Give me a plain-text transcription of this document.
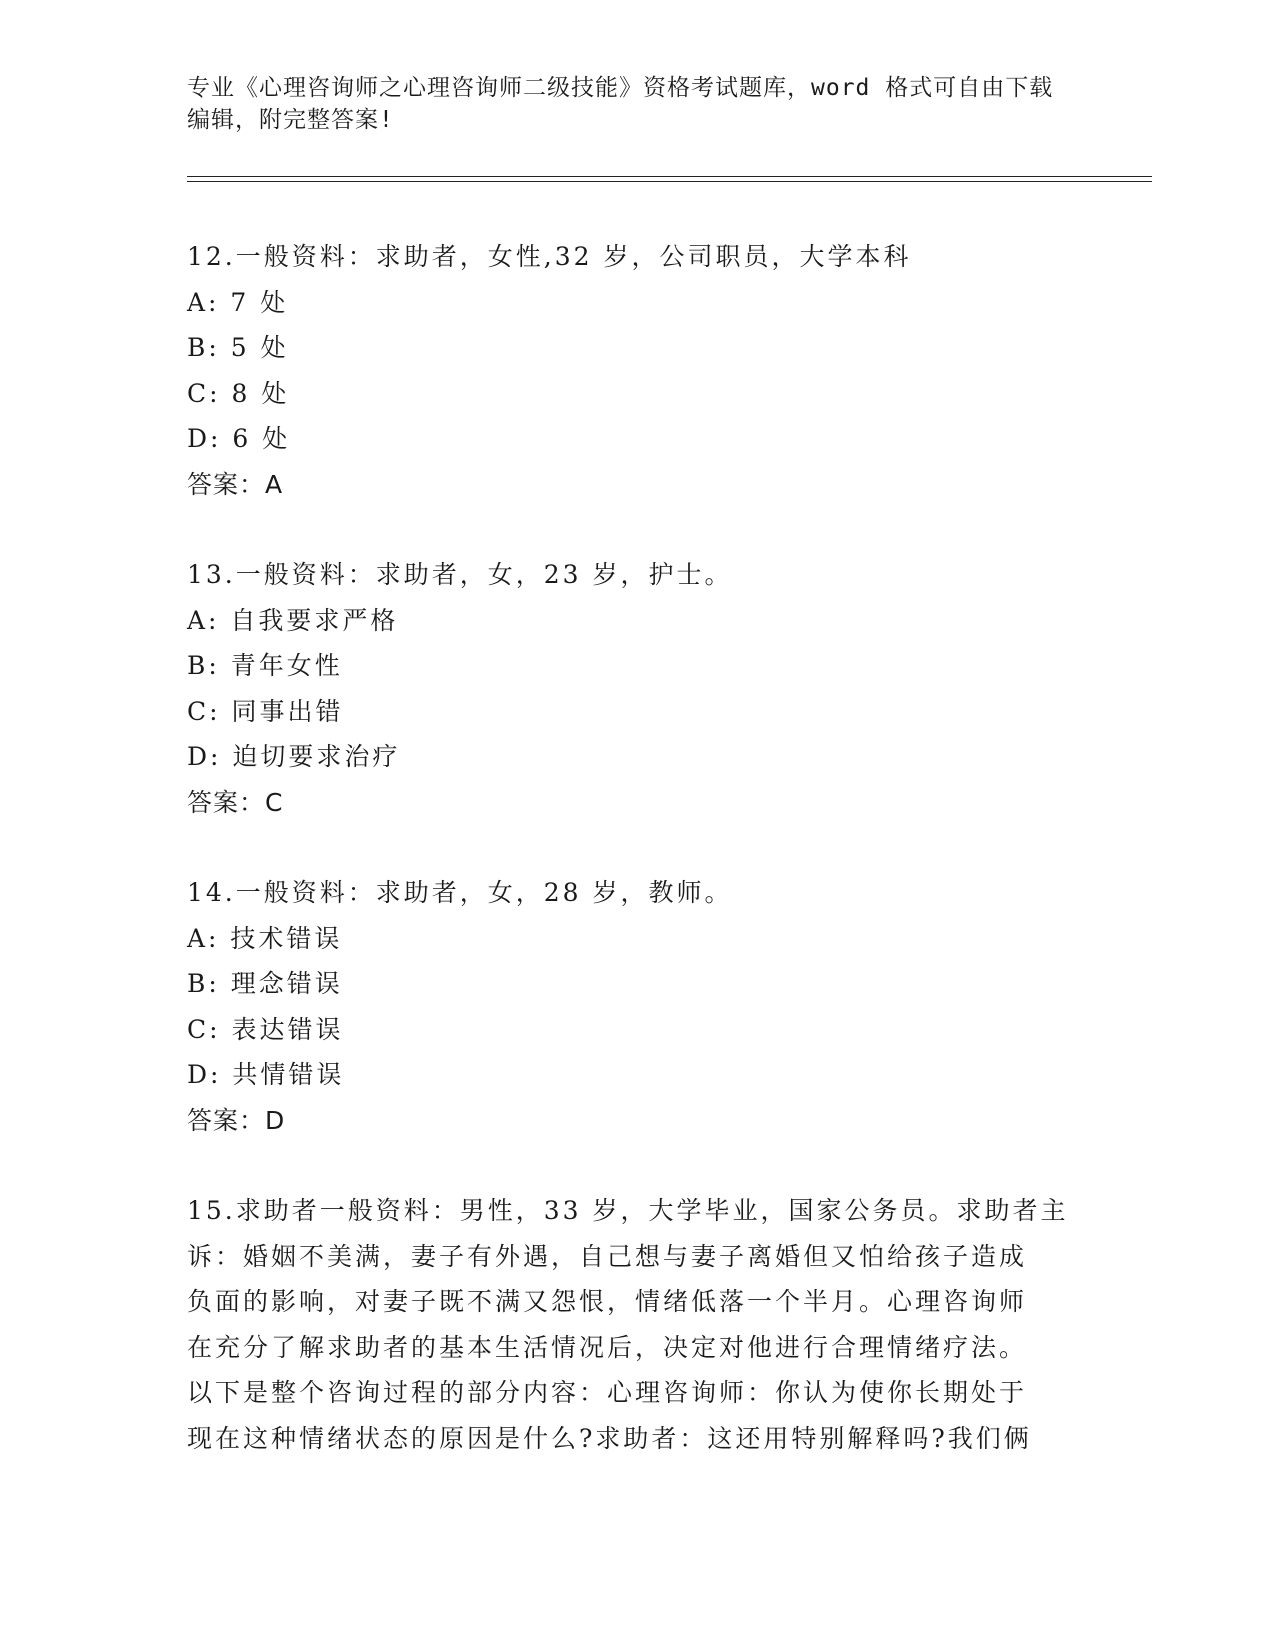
专业《心理咨询师之心理咨询师二级技能》资格考试题库，word 格式可自由下载
编辑，附完整答案!
12.一般资料：求助者，女性,32 岁，公司职员，大学本科
A: 7 处
B: 5 处
C: 8 处
D: 6 处
答案：A
13.一般资料：求助者，女，23 岁，护士。
A: 自我要求严格
B: 青年女性
C: 同事出错
D: 迫切要求治疗
答案：C
14.一般资料：求助者，女，28 岁，教师。
A: 技术错误
B: 理念错误
C: 表达错误
D: 共情错误
答案：D
15.求助者一般资料：男性，33 岁，大学毕业，国家公务员。求助者主
诉：婚姻不美满，妻子有外遇，自己想与妻子离婚但又怕给孩子造成
负面的影响，对妻子既不满又怨恨，情绪低落一个半月。心理咨询师
在充分了解求助者的基本生活情况后，决定对他进行合理情绪疗法。
以下是整个咨询过程的部分内容：心理咨询师：你认为使你长期处于
现在这种情绪状态的原因是什么?求助者：这还用特别解释吗?我们俩
